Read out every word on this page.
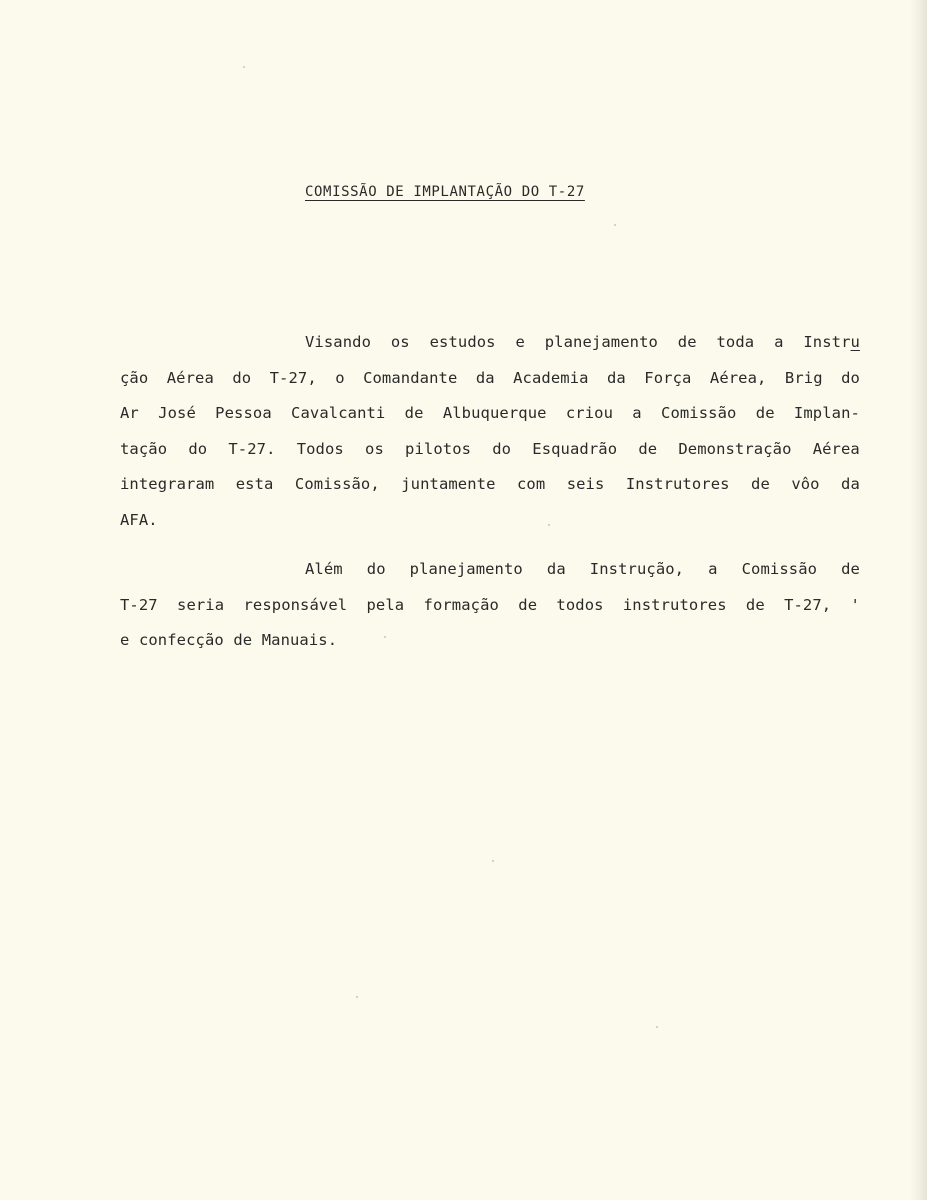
COMISSÃO DE IMPLANTAÇÃO DO T-27
Visando os estudos e planejamento de toda a Instru
ção Aérea do T-27, o Comandante da Academia da Força Aérea, Brig do
Ar José Pessoa Cavalcanti de Albuquerque criou a Comissão de Implan-
tação do T-27. Todos os pilotos do Esquadrão de Demonstração Aérea
integraram esta Comissão, juntamente com seis Instrutores de vôo da
AFA.
Além do planejamento da Instrução, a Comissão de
T-27 seria responsável pela formação de todos instrutores de T-27, '
e confecção de Manuais.
